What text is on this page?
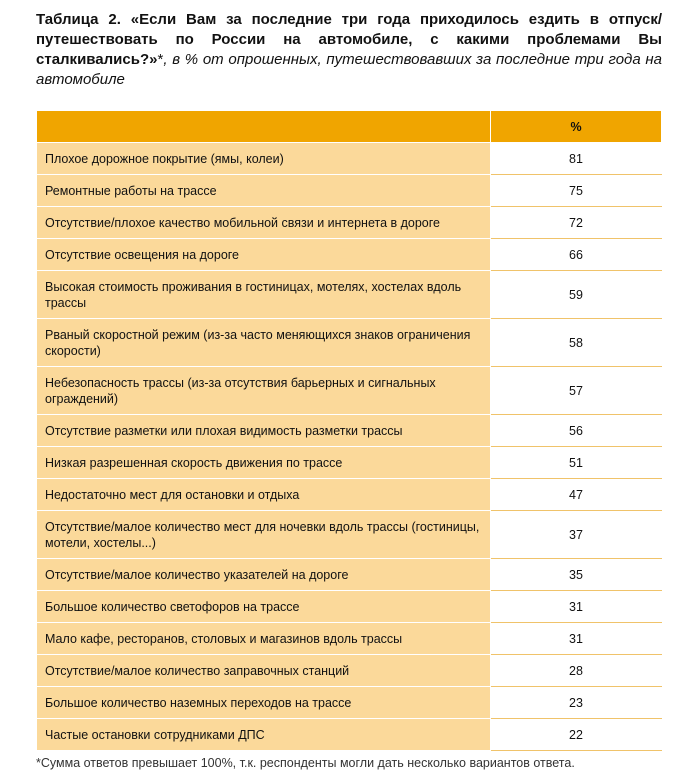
Таблица 2. «Если Вам за последние три года приходилось ездить в отпуск/путешествовать по России на автомобиле, с какими проблемами Вы сталкивались?»*, в % от опрошенных, путешествовавших за последние три года на автомобиле
	%
Плохое дорожное покрытие (ямы, колеи)	81
Ремонтные работы на трассе	75
Отсутствие/плохое качество мобильной связи и интернета в дороге	72
Отсутствие освещения на дороге	66
Высокая стоимость проживания в гостиницах, мотелях, хостелах вдоль трассы	59
Рваный скоростной режим (из-за часто меняющихся знаков ограничения скорости)	58
Небезопасность трассы (из-за отсутствия барьерных и сигнальных ограждений)	57
Отсутствие разметки или плохая видимость разметки трассы	56
Низкая разрешенная скорость движения по трассе	51
Недостаточно мест для остановки и отдыха	47
Отсутствие/малое количество мест для ночевки вдоль трассы (гостиницы, мотели, хостелы...)	37
Отсутствие/малое количество указателей на дороге	35
Большое количество светофоров на трассе	31
Мало кафе, ресторанов, столовых и магазинов вдоль трассы	31
Отсутствие/малое количество заправочных станций	28
Большое количество наземных переходов на трассе	23
Частые остановки сотрудниками ДПС	22
*Сумма ответов превышает 100%, т.к. респонденты могли дать несколько вариантов ответа.
